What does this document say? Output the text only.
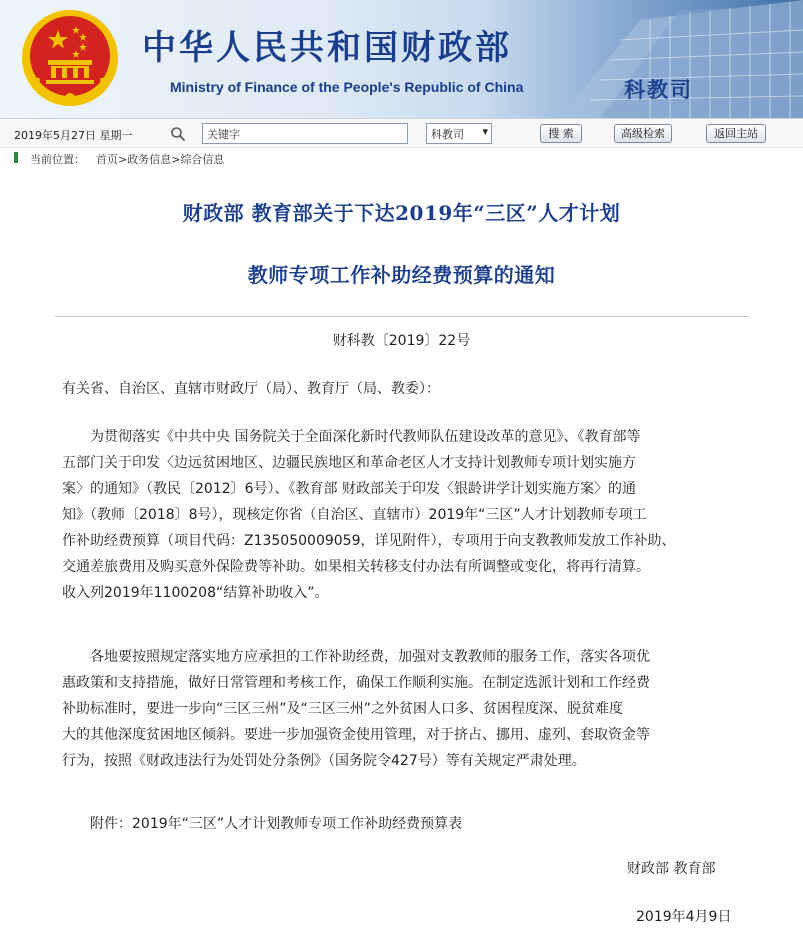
中华人民共和国财政部
Ministry of Finance of the People's Republic of China	科教司
2019年5月27日 星期一
关键字	科教司 ▾	搜 索	高级检索	返回主站
当前位置： 首页>政务信息>综合信息
财政部 教育部关于下达2019年“三区”人才计划
教师专项工作补助经费预算的通知
财科教〔2019〕22号
有关省、自治区、直辖市财政厅（局）、教育厅（局、教委）：
为贯彻落实《中共中央 国务院关于全面深化新时代教师队伍建设改革的意见》、《教育部等
五部门关于印发〈边远贫困地区、边疆民族地区和革命老区人才支持计划教师专项计划实施方
案〉的通知》（教民〔2012〕6号）、《教育部 财政部关于印发〈银龄讲学计划实施方案〉的通
知》（教师〔2018〕8号），现核定你省（自治区、直辖市）2019年“三区”人才计划教师专项工
作补助经费预算（项目代码：Z135050009059，详见附件），专项用于向支教教师发放工作补助、
交通差旅费用及购买意外保险费等补助。如果相关转移支付办法有所调整或变化，将再行清算。
收入列2019年1100208“结算补助收入”。
各地要按照规定落实地方应承担的工作补助经费，加强对支教教师的服务工作，落实各项优
惠政策和支持措施，做好日常管理和考核工作，确保工作顺利实施。在制定选派计划和工作经费
补助标准时，要进一步向“三区三州”及“三区三州”之外贫困人口多、贫困程度深、脱贫难度
大的其他深度贫困地区倾斜。要进一步加强资金使用管理，对于挤占、挪用、虚列、套取资金等
行为，按照《财政违法行为处罚处分条例》（国务院令427号）等有关规定严肃处理。
附件：2019年“三区”人才计划教师专项工作补助经费预算表
财政部 教育部
2019年4月9日
